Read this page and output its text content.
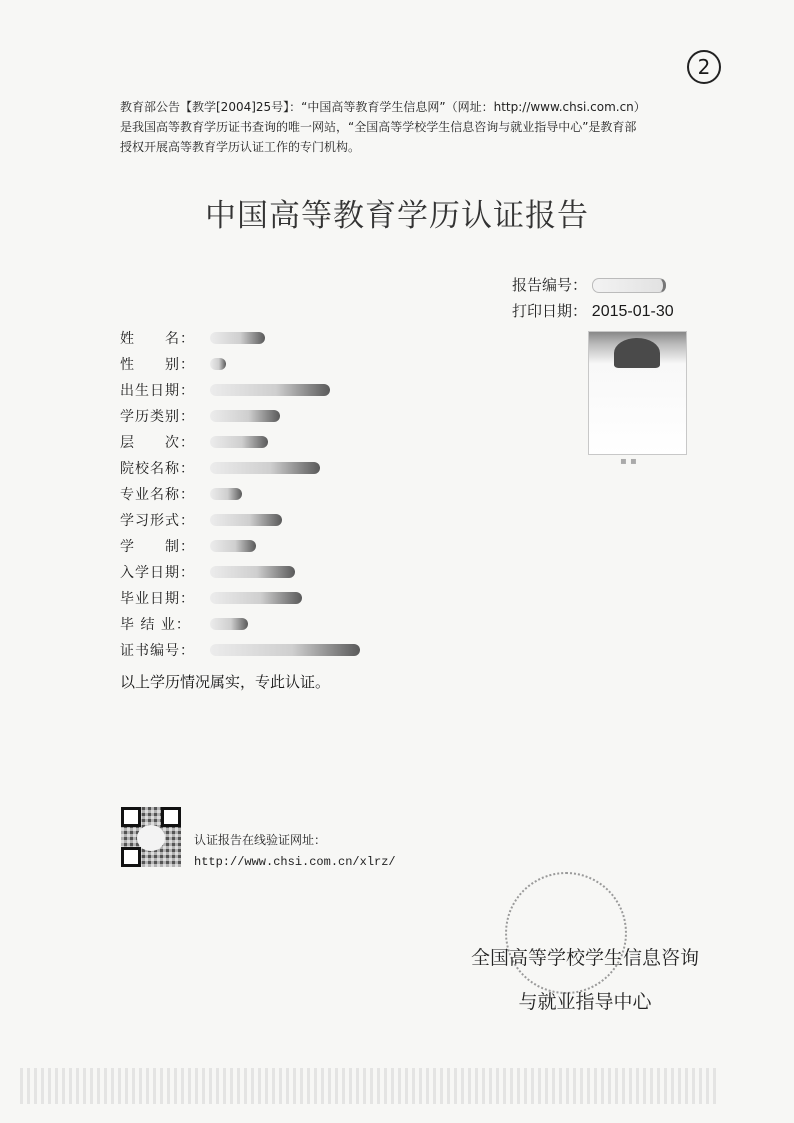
2
教育部公告【教学[2004]25号】：“中国高等教育学生信息网”（网址：http://www.chsi.com.cn）
是我国高等教育学历证书查询的唯一网站，“全国高等学校学生信息咨询与就业指导中心”是教育部
授权开展高等教育学历认证工作的专门机构。
中国高等教育学历认证报告
报告编号：
打印日期： 2015-01-30
▪ ▪
姓　　名：
性　　别：
出生日期：
学历类别：
层　　次：
院校名称：
专业名称：
学习形式：
学　　制：
入学日期：
毕业日期：
毕 结 业：
证书编号：

以上学历情况属实，专此认证。

认证报告在线验证网址：
http://www.chsi.com.cn/xlrz/
全国高等学校学生信息咨询
与就业指导中心
